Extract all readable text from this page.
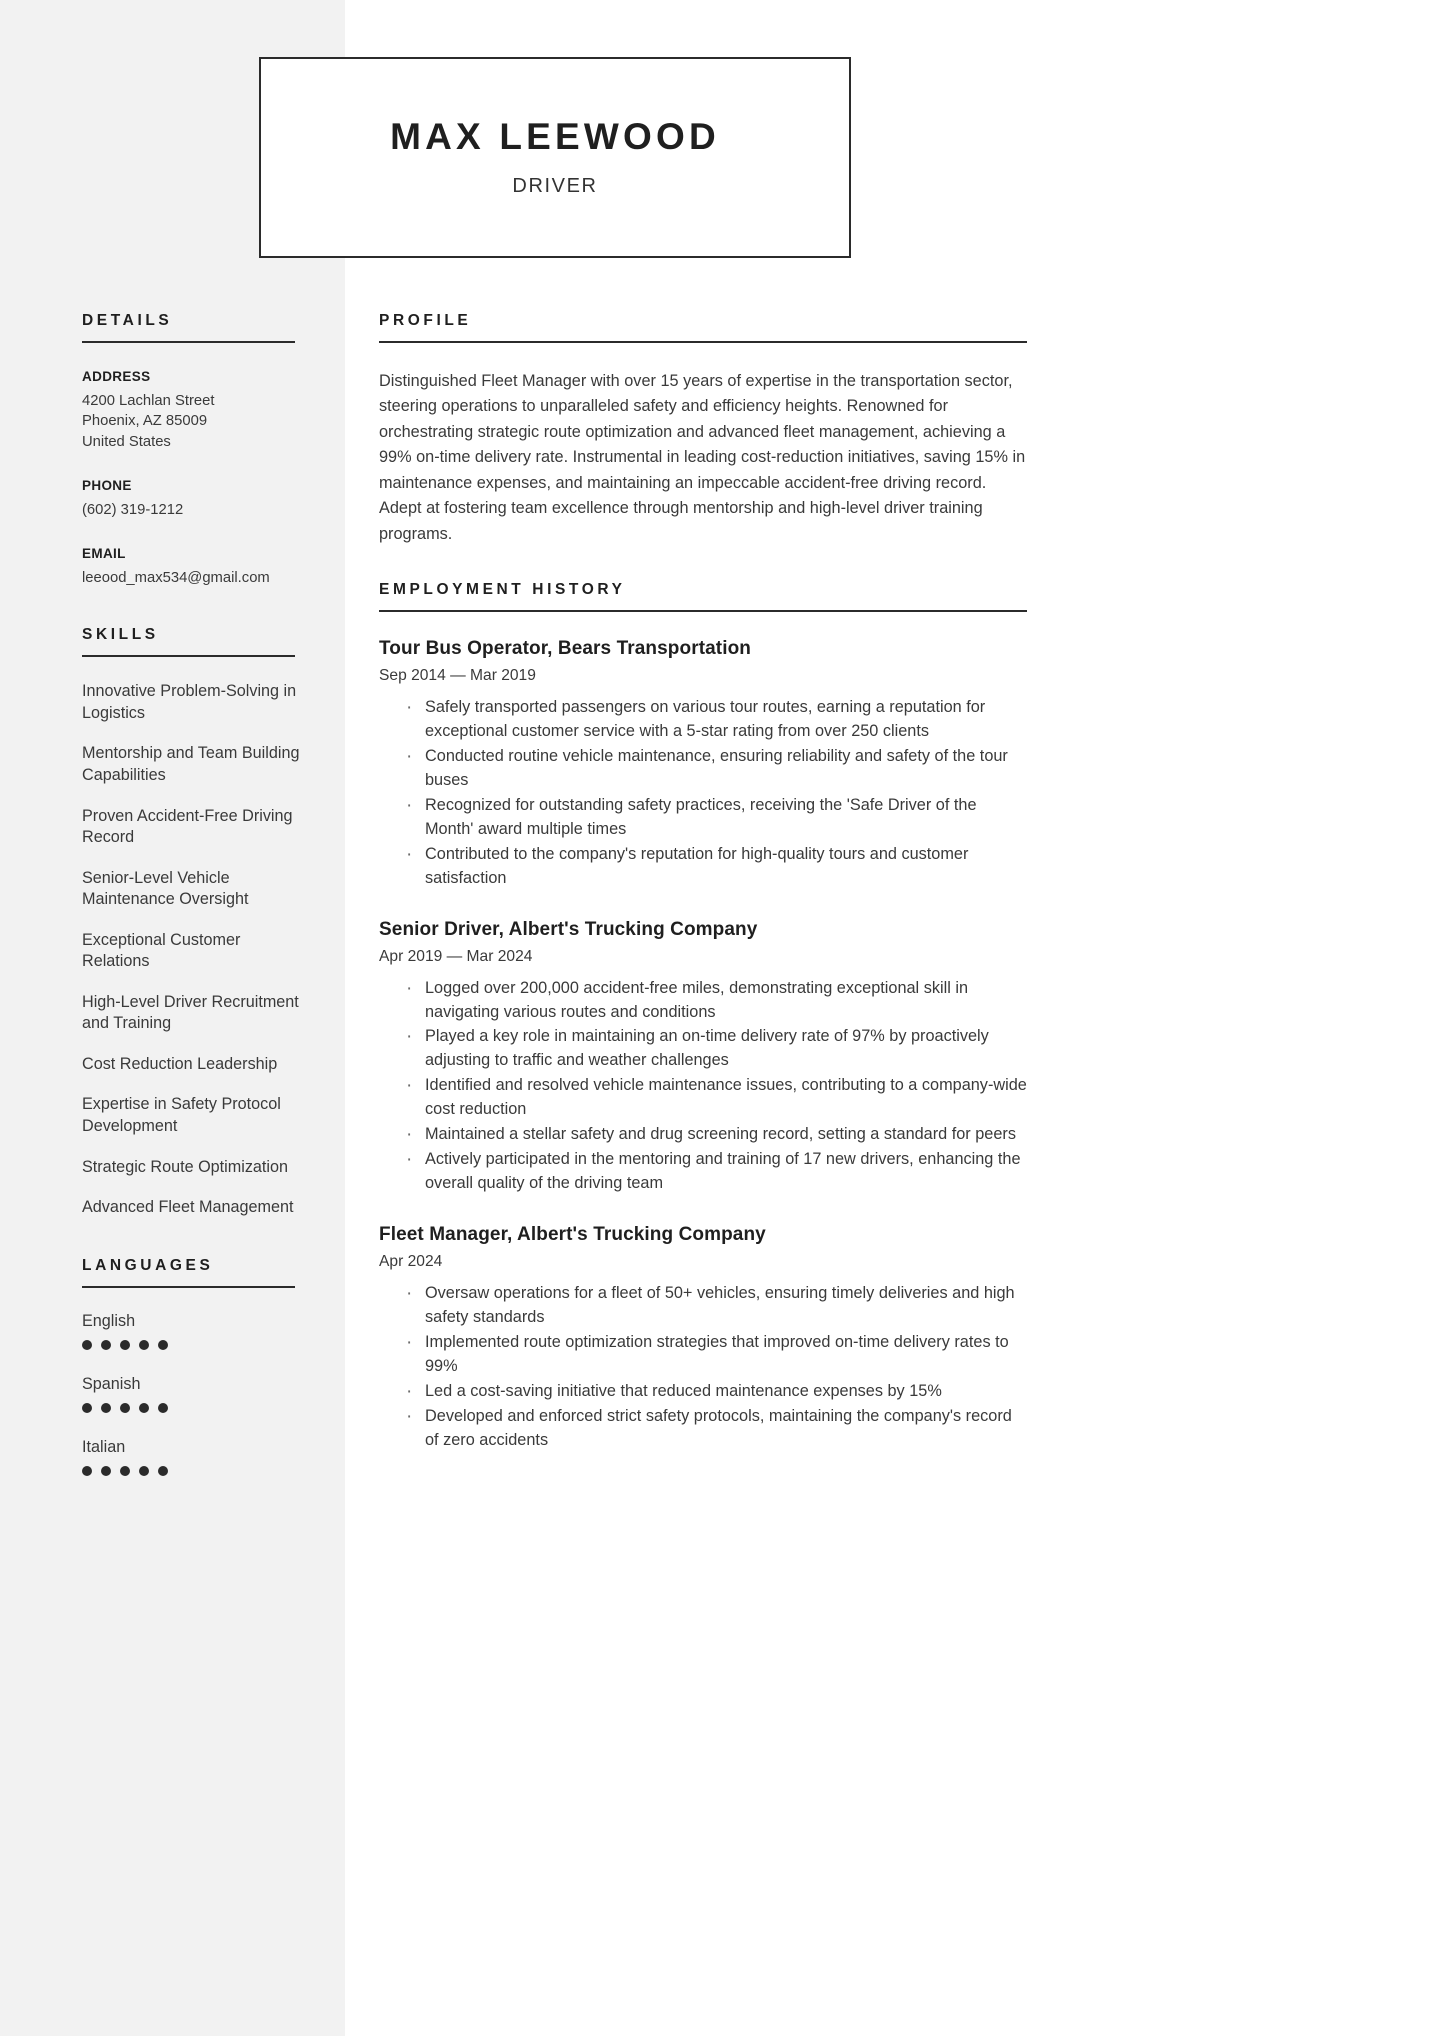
MAX LEEWOOD
DRIVER
DETAILS
ADDRESS
4200 Lachlan Street
Phoenix, AZ 85009
United States
PHONE
(602) 319-1212
EMAIL
leeood_max534@gmail.com
SKILLS
Innovative Problem-Solving in Logistics
Mentorship and Team Building Capabilities
Proven Accident-Free Driving Record
Senior-Level Vehicle Maintenance Oversight
Exceptional Customer Relations
High-Level Driver Recruitment and Training
Cost Reduction Leadership
Expertise in Safety Protocol Development
Strategic Route Optimization
Advanced Fleet Management
LANGUAGES
English
Spanish
Italian
PROFILE

Distinguished Fleet Manager with over 15 years of expertise in the transportation sector, steering operations to unparalleled safety and efficiency heights. Renowned for orchestrating strategic route optimization and advanced fleet management, achieving a 99% on-time delivery rate. Instrumental in leading cost-reduction initiatives, saving 15% in maintenance expenses, and maintaining an impeccable accident-free driving record. Adept at fostering team excellence through mentorship and high-level driver training programs.

EMPLOYMENT HISTORY
Tour Bus Operator, Bears Transportation
Sep 2014 — Mar 2019
· Safely transported passengers on various tour routes, earning a reputation for exceptional customer service with a 5-star rating from over 250 clients
· Conducted routine vehicle maintenance, ensuring reliability and safety of the tour buses
· Recognized for outstanding safety practices, receiving the 'Safe Driver of the Month' award multiple times
· Contributed to the company's reputation for high-quality tours and customer satisfaction
Senior Driver, Albert's Trucking Company
Apr 2019 — Mar 2024
· Logged over 200,000 accident-free miles, demonstrating exceptional skill in navigating various routes and conditions
· Played a key role in maintaining an on-time delivery rate of 97% by proactively adjusting to traffic and weather challenges
· Identified and resolved vehicle maintenance issues, contributing to a company-wide cost reduction
· Maintained a stellar safety and drug screening record, setting a standard for peers
· Actively participated in the mentoring and training of 17 new drivers, enhancing the overall quality of the driving team
Fleet Manager, Albert's Trucking Company
Apr 2024
· Oversaw operations for a fleet of 50+ vehicles, ensuring timely deliveries and high safety standards
· Implemented route optimization strategies that improved on-time delivery rates to 99%
· Led a cost-saving initiative that reduced maintenance expenses by 15%
· Developed and enforced strict safety protocols, maintaining the company's record of zero accidents
